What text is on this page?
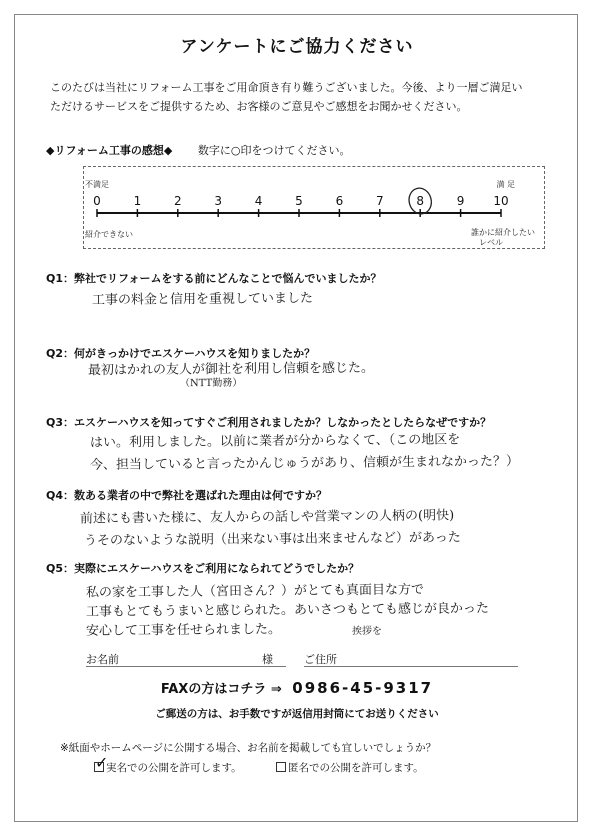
アンケートにご協力ください
このたびは当社にリフォーム工事をご用命頂き有り難うございました。今後、より一層ご満足い
ただけるサービスをご提供するため、お客様のご意見やご感想をお聞かせください。
◆リフォーム工事の感想◆ 数字に○印をつけてください。
0	1	2	3	4	5	6	7	8	9 10
不満足
紹介できない
満 足
誰かに紹介したい
レベル
Q1：弊社でリフォームをする前にどんなことで悩んでいましたか？
工事の料金と信用を重視していました
Q2：何がきっかけでエスケーハウスを知りましたか？
最初はかれの友人が御社を利用し信頼を感じた。
（NTT勤務）
Q3：エスケーハウスを知ってすぐご利用されましたか？しなかったとしたらなぜですか？
はい。利用しました。以前に業者が分からなくて、（この地区を
今、担当していると言ったかんじゅうがあり、信頼が生まれなかった？）
Q4：数ある業者の中で弊社を選ばれた理由は何ですか？
前述にも書いた様に、友人からの話しや営業マンの人柄の(明快)
うそのないような説明（出来ない事は出来ませんなど）があった
Q5：実際にエスケーハウスをご利用になられてどうでしたか？
私の家を工事した人（宮田さん？）がとても真面目な方で
工事もとてもうまいと感じられた。あいさつもとても感じが良かった
安心して工事を任せられました。	挨拶を
お名前	様	ご住所
FAXの方はコチラ ⇒ 0986-45-9317
ご郵送の方は、お手数ですが返信用封筒にてお送りください
※紙面やホームページに公開する場合、お名前を掲載しても宜しいでしょうか？
実名での公開を許可します。
✓	匿名での公開を許可します。
